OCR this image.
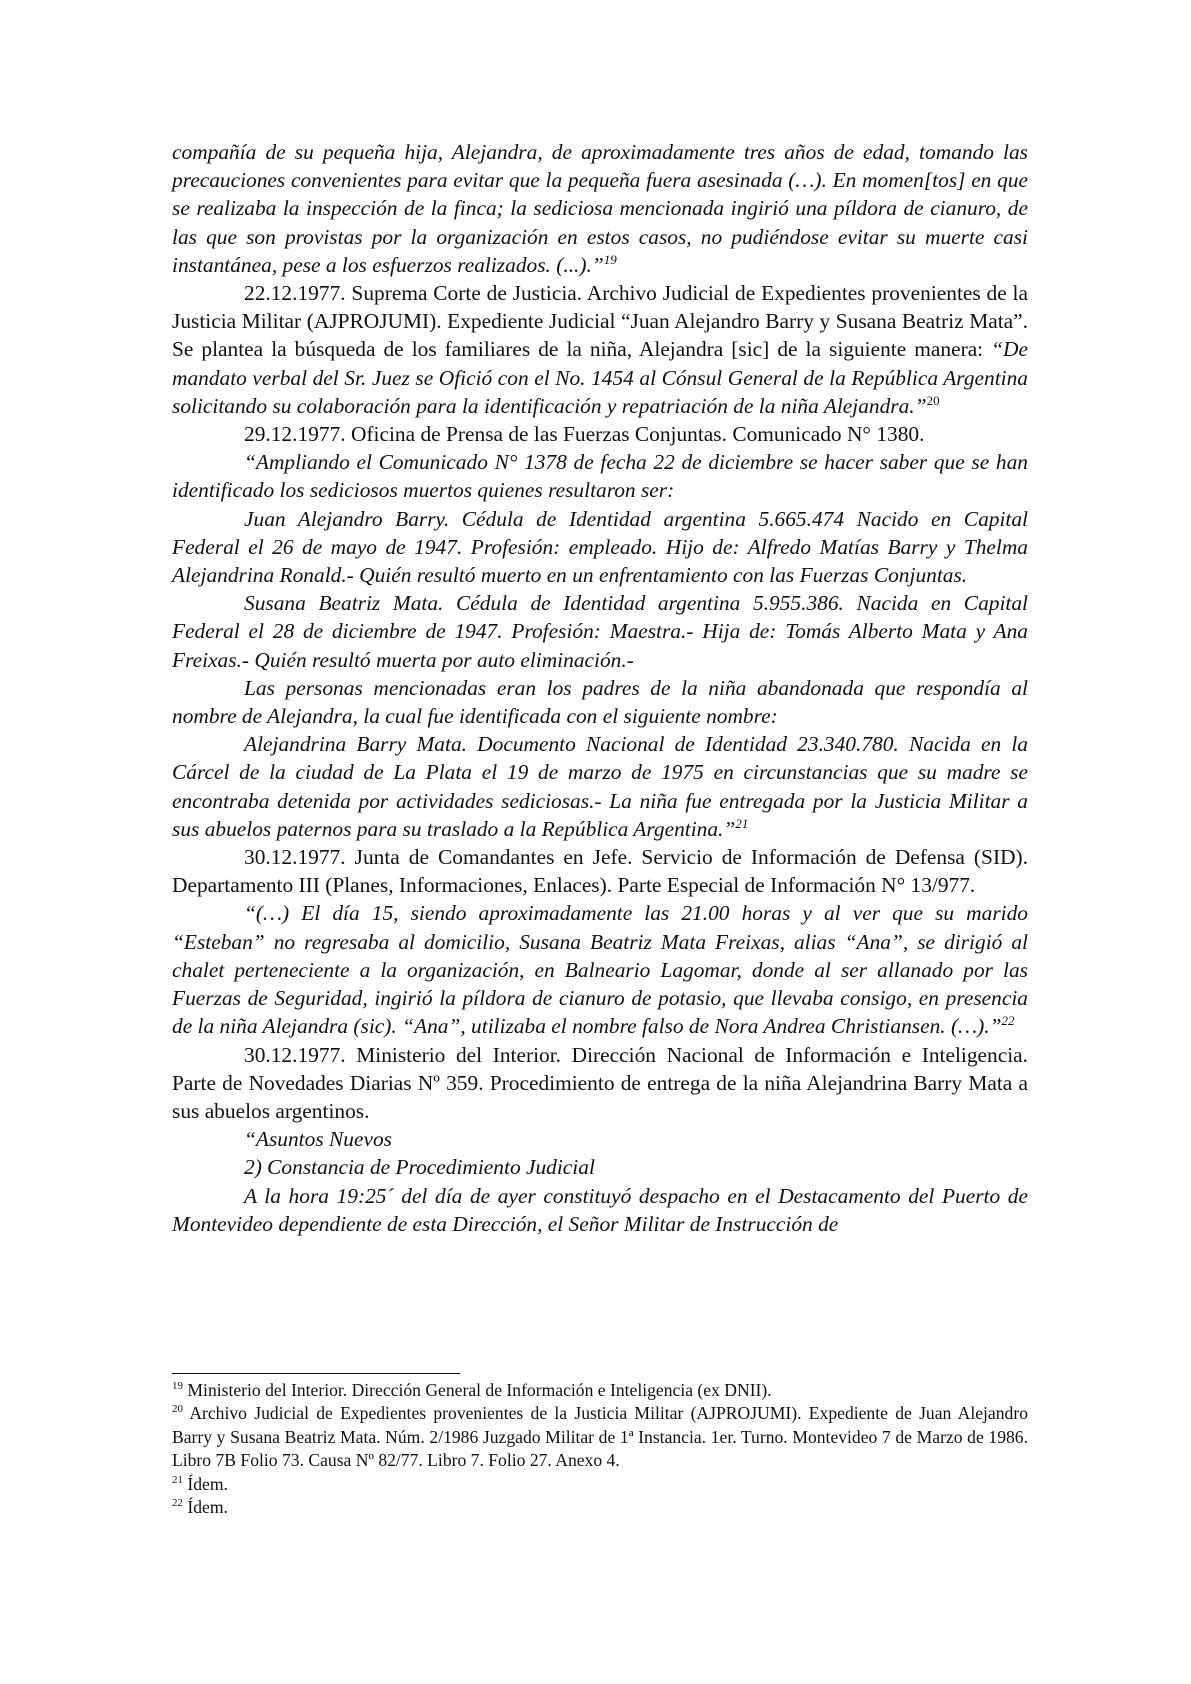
compañía de su pequeña hija, Alejandra, de aproximadamente tres años de edad, tomando las precauciones convenientes para evitar que la pequeña fuera asesinada (…). En momen[tos] en que se realizaba la inspección de la finca; la sediciosa mencionada ingirió una píldora de cianuro, de las que son provistas por la organización en estos casos, no pudiéndose evitar su muerte casi instantánea, pese a los esfuerzos realizados. (...).”$^{19}$

22.12.1977. Suprema Corte de Justicia. Archivo Judicial de Expedientes provenientes de la Justicia Militar (AJPROJUMI). Expediente Judicial “Juan Alejandro Barry y Susana Beatriz Mata”. Se plantea la búsqueda de los familiares de la niña, Alejandra [sic] de la siguiente manera: “De mandato verbal del Sr. Juez se Ofició con el No. 1454 al Cónsul General de la República Argentina solicitando su colaboración para la identificación y repatriación de la niña Alejandra.”$^{20}$

29.12.1977. Oficina de Prensa de las Fuerzas Conjuntas. Comunicado N° 1380.

“Ampliando el Comunicado N° 1378 de fecha 22 de diciembre se hacer saber que se han identificado los sediciosos muertos quienes resultaron ser:

Juan Alejandro Barry. Cédula de Identidad argentina 5.665.474 Nacido en Capital Federal el 26 de mayo de 1947. Profesión: empleado. Hijo de: Alfredo Matías Barry y Thelma Alejandrina Ronald.- Quién resultó muerto en un enfrentamiento con las Fuerzas Conjuntas.

Susana Beatriz Mata. Cédula de Identidad argentina 5.955.386. Nacida en Capital Federal el 28 de diciembre de 1947. Profesión: Maestra.- Hija de: Tomás Alberto Mata y Ana Freixas.- Quién resultó muerta por auto eliminación.-

Las personas mencionadas eran los padres de la niña abandonada que respondía al nombre de Alejandra, la cual fue identificada con el siguiente nombre:

Alejandrina Barry Mata. Documento Nacional de Identidad 23.340.780. Nacida en la Cárcel de la ciudad de La Plata el 19 de marzo de 1975 en circunstancias que su madre se encontraba detenida por actividades sediciosas.- La niña fue entregada por la Justicia Militar a sus abuelos paternos para su traslado a la República Argentina.”$^{21}$

30.12.1977. Junta de Comandantes en Jefe. Servicio de Información de Defensa (SID). Departamento III (Planes, Informaciones, Enlaces). Parte Especial de Información N° 13/977.

“(…) El día 15, siendo aproximadamente las 21.00 horas y al ver que su marido “Esteban” no regresaba al domicilio, Susana Beatriz Mata Freixas, alias “Ana”, se dirigió al chalet perteneciente a la organización, en Balneario Lagomar, donde al ser allanado por las Fuerzas de Seguridad, ingirió la píldora de cianuro de potasio, que llevaba consigo, en presencia de la niña Alejandra (sic). “Ana”, utilizaba el nombre falso de Nora Andrea Christiansen. (…).”$^{22}$

30.12.1977. Ministerio del Interior. Dirección Nacional de Información e Inteligencia. Parte de Novedades Diarias Nº 359. Procedimiento de entrega de la niña Alejandrina Barry Mata a sus abuelos argentinos.

“Asuntos Nuevos

2) Constancia de Procedimiento Judicial

A la hora 19:25´ del día de ayer constituyó despacho en el Destacamento del Puerto de Montevideo dependiente de esta Dirección, el Señor Militar de Instrucción de

$^{19}$ Ministerio del Interior. Dirección General de Información e Inteligencia (ex DNII).

$^{20}$ Archivo Judicial de Expedientes provenientes de la Justicia Militar (AJPROJUMI). Expediente de Juan Alejandro Barry y Susana Beatriz Mata. Núm. 2/1986 Juzgado Militar de 1ª Instancia. 1er. Turno. Montevideo 7 de Marzo de 1986. Libro 7B Folio 73. Causa Nº 82/77. Libro 7. Folio 27. Anexo 4.

$^{21}$ Ídem.

$^{22}$ Ídem.
